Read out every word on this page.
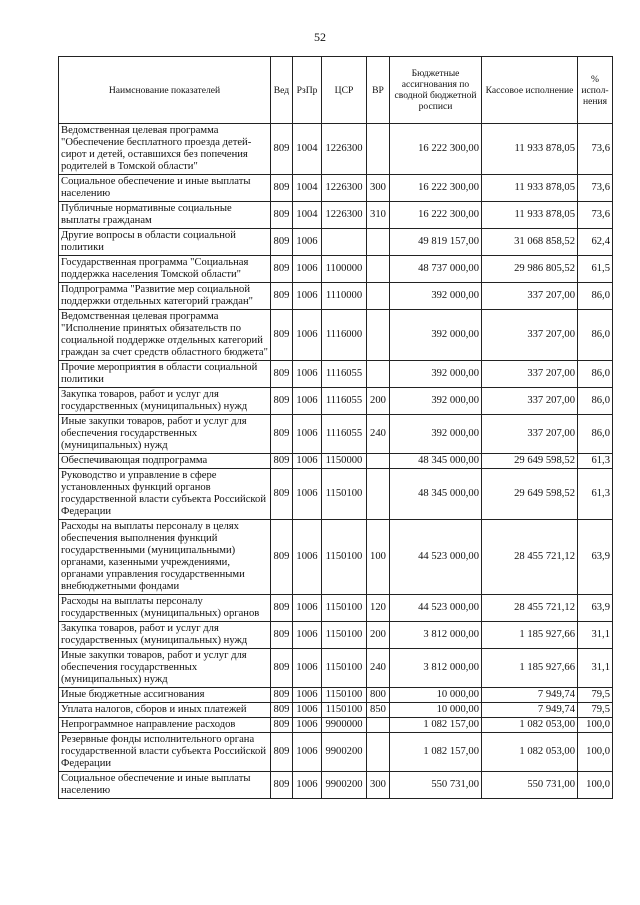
52
Наимснование показателей	Вед	РзПр	ЦСР	ВР	Бюджетные ассигнования по сводной бюджетной росписи	Кассовое исполнение	% испол-нения
Ведомственная целевая программа "Обеспечение бесплатного проезда детей-сирот и детей, оставшихся без попечения родителей в Томской области"	809	1004	1226300		16 222 300,00	11 933 878,05	73,6
Социальное обеспечение и иные выплаты населению	809	1004	1226300	300	16 222 300,00	11 933 878,05	73,6
Публичные нормативные социальные выплаты гражданам	809	1004	1226300	310	16 222 300,00	11 933 878,05	73,6
Другие вопросы в области социальной политики	809	1006			49 819 157,00	31 068 858,52	62,4
Государственная программа "Социальная поддержка населения Томской области"	809	1006	1100000		48 737 000,00	29 986 805,52	61,5
Подпрограмма "Развитие мер социальной поддержки отдельных категорий граждан"	809	1006	1110000		392 000,00	337 207,00	86,0
Ведомственная целевая программа "Исполнение принятых обязательств по социальной поддержке отдельных категорий граждан за счет средств областного бюджета"	809	1006	1116000		392 000,00	337 207,00	86,0
Прочие мероприятия в области социальной политики	809	1006	1116055		392 000,00	337 207,00	86,0
Закупка товаров, работ и услуг для государственных (муниципальных) нужд	809	1006	1116055	200	392 000,00	337 207,00	86,0
Иные закупки товаров, работ и услуг для обеспечения государственных (муниципальных) нужд	809	1006	1116055	240	392 000,00	337 207,00	86,0
Обеспечивающая подпрограмма	809	1006	1150000		48 345 000,00	29 649 598,52	61,3
Руководство и управление в сфере установленных функций органов государственной власти субъекта Российской Федерации	809	1006	1150100		48 345 000,00	29 649 598,52	61,3
Расходы на выплаты персоналу в целях обеспечения выполнения функций государственными (муниципальными) органами, казенными учреждениями, органами управления государственными внебюджетными фондами	809	1006	1150100	100	44 523 000,00	28 455 721,12	63,9
Расходы на выплаты персоналу государственных (муниципальных) органов	809	1006	1150100	120	44 523 000,00	28 455 721,12	63,9
Закупка товаров, работ и услуг для государственных (муниципальных) нужд	809	1006	1150100	200	3 812 000,00	1 185 927,66	31,1
Иные закупки товаров, работ и услуг для обеспечения государственных (муниципальных) нужд	809	1006	1150100	240	3 812 000,00	1 185 927,66	31,1
Иные бюджетные ассигнования	809	1006	1150100	800	10 000,00	7 949,74	79,5
Уплата налогов, сборов и иных платежей	809	1006	1150100	850	10 000,00	7 949,74	79,5
Непрограммное направление расходов	809	1006	9900000		1 082 157,00	1 082 053,00	100,0
Резервные фонды исполнительного органа государственной власти субъекта Российской Федерации	809	1006	9900200		1 082 157,00	1 082 053,00	100,0
Социальное обеспечение и иные выплаты населению	809	1006	9900200	300	550 731,00	550 731,00	100,0
